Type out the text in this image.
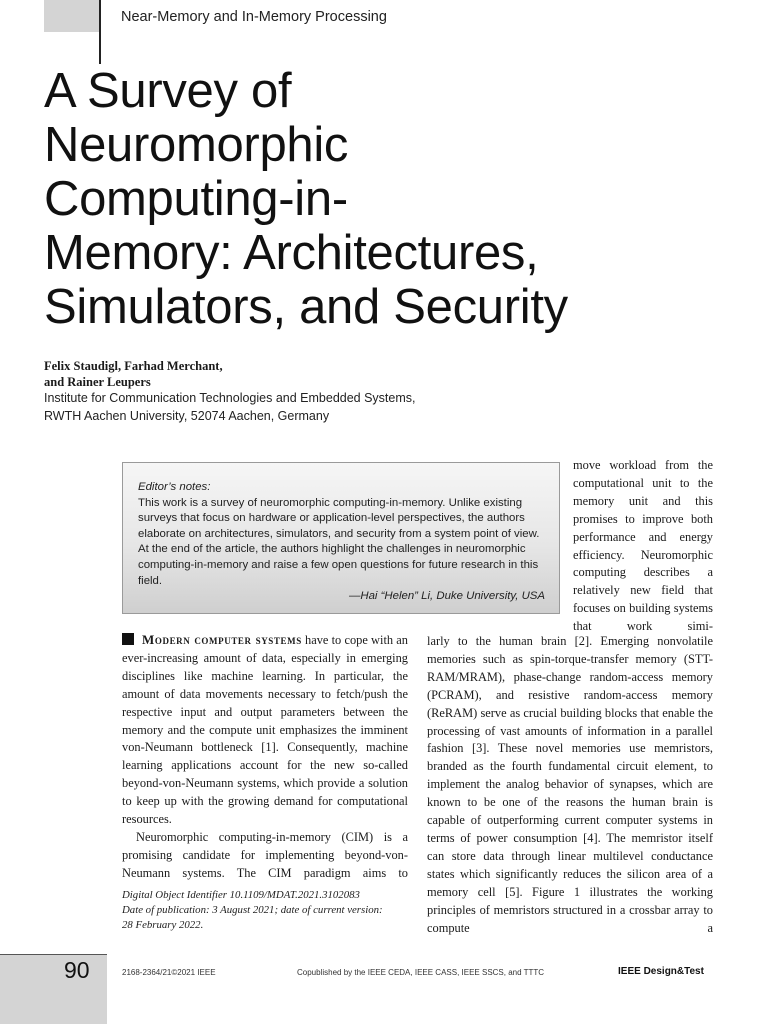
Near-Memory and In-Memory Processing
A Survey of
Neuromorphic
Computing-in-
Memory: Architectures,
Simulators, and Security
Felix Staudigl, Farhad Merchant,
and Rainer Leupers
Institute for Communication Technologies and Embedded Systems,
RWTH Aachen University, 52074 Aachen, Germany

move workload from the computational unit to the memory unit and this promises to improve both performance and energy efficiency. Neuromorphic computing describes a relatively new field that focuses on building systems that work simi-

Editor’s notes:
This work is a survey of neuromorphic computing-in-memory. Unlike existing surveys that focus on hardware or application-level perspectives, the authors elaborate on architectures, simulators, and security from a system point of view. At the end of the article, the authors highlight the challenges in neuromorphic computing-in-memory and raise a few open questions for future research in this field.
—Hai “Helen” Li, Duke University, USA

Modern computer systems have to cope with an ever-increasing amount of data, especially in emerging disciplines like machine learning. In particular, the amount of data movements necessary to fetch/push the respective input and output parameters between the memory and the compute unit emphasizes the imminent von-Neumann bottleneck [1]. Consequently, machine learning applications account for the new so-called beyond-von-Neumann systems, which provide a solution to keep up with the growing demand for computational resources.

Neuromorphic computing-in-memory (CIM) is a promising candidate for implementing beyond-von-Neumann systems. The CIM paradigm aims to

larly to the human brain [2]. Emerging nonvolatile memories such as spin-torque-transfer memory (STT-RAM/MRAM), phase-change random-access memory (PCRAM), and resistive random-access memory (ReRAM) serve as crucial building blocks that enable the processing of vast amounts of information in a parallel fashion [3]. These novel memories use memristors, branded as the fourth fundamental circuit element, to implement the analog behavior of synapses, which are known to be one of the reasons the human brain is capable of outperforming current computer systems in terms of power consumption [4]. The memristor itself can store data through linear multilevel conductance states which significantly reduces the silicon area of a memory cell [5]. Figure 1 illustrates the working principles of memristors structured in a crossbar array to compute a

Digital Object Identifier 10.1109/MDAT.2021.3102083
Date of publication: 3 August 2021; date of current version:
28 February 2022.
90	2168-2364/21©2021 IEEE	Copublished by the IEEE CEDA, IEEE CASS, IEEE SSCS, and TTTC	IEEE Design&Test
